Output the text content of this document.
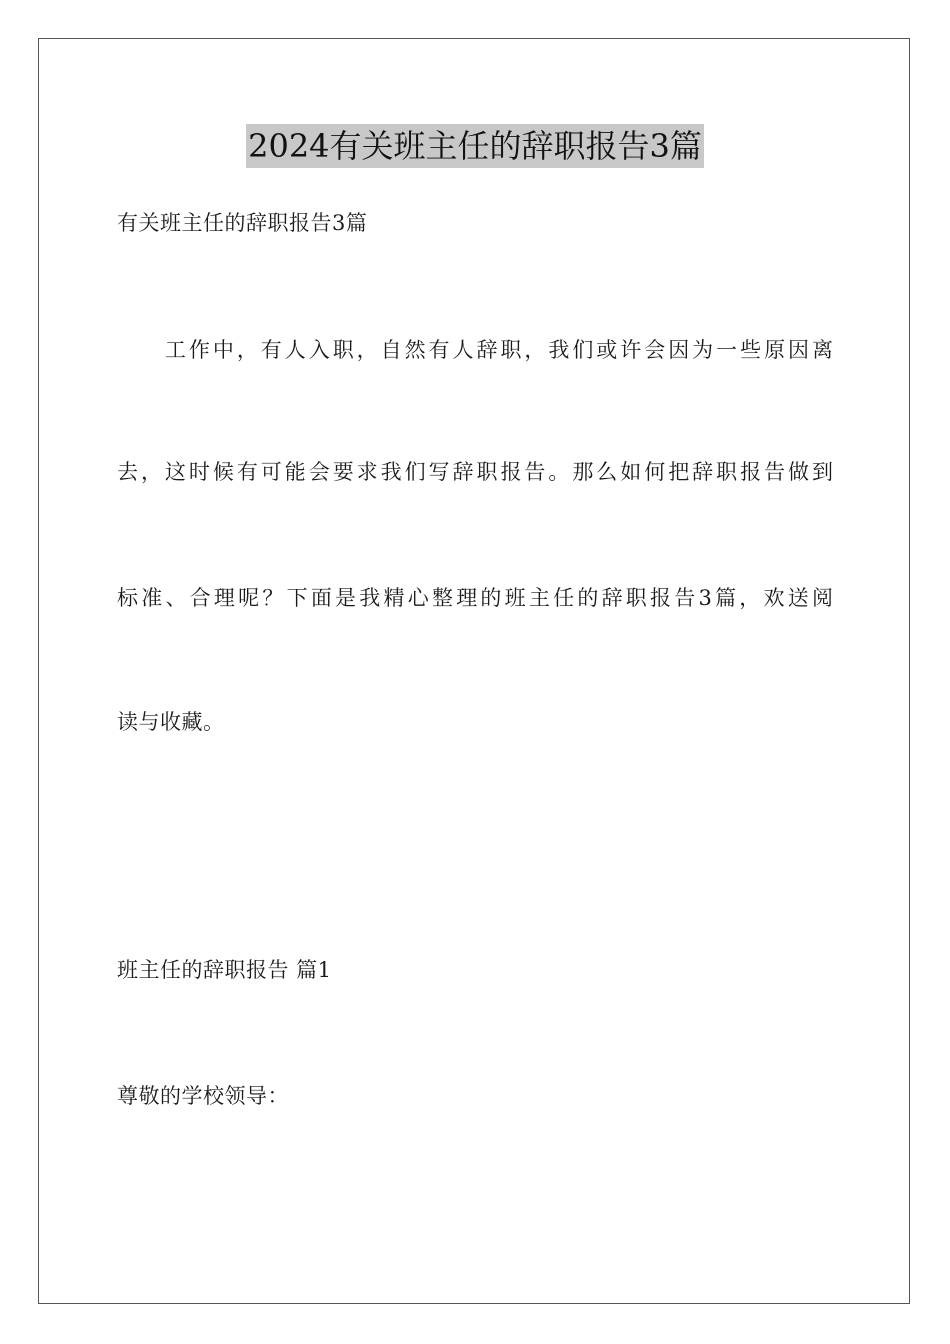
2024有关班主任的辞职报告3篇
有关班主任的辞职报告3篇
　　工作中，有人入职，自然有人辞职，我们或许会因为一些原因离
去，这时候有可能会要求我们写辞职报告。那么如何把辞职报告做到
标准、合理呢？下面是我精心整理的班主任的辞职报告3篇，欢送阅
读与收藏。
班主任的辞职报告 篇1
尊敬的学校领导：
